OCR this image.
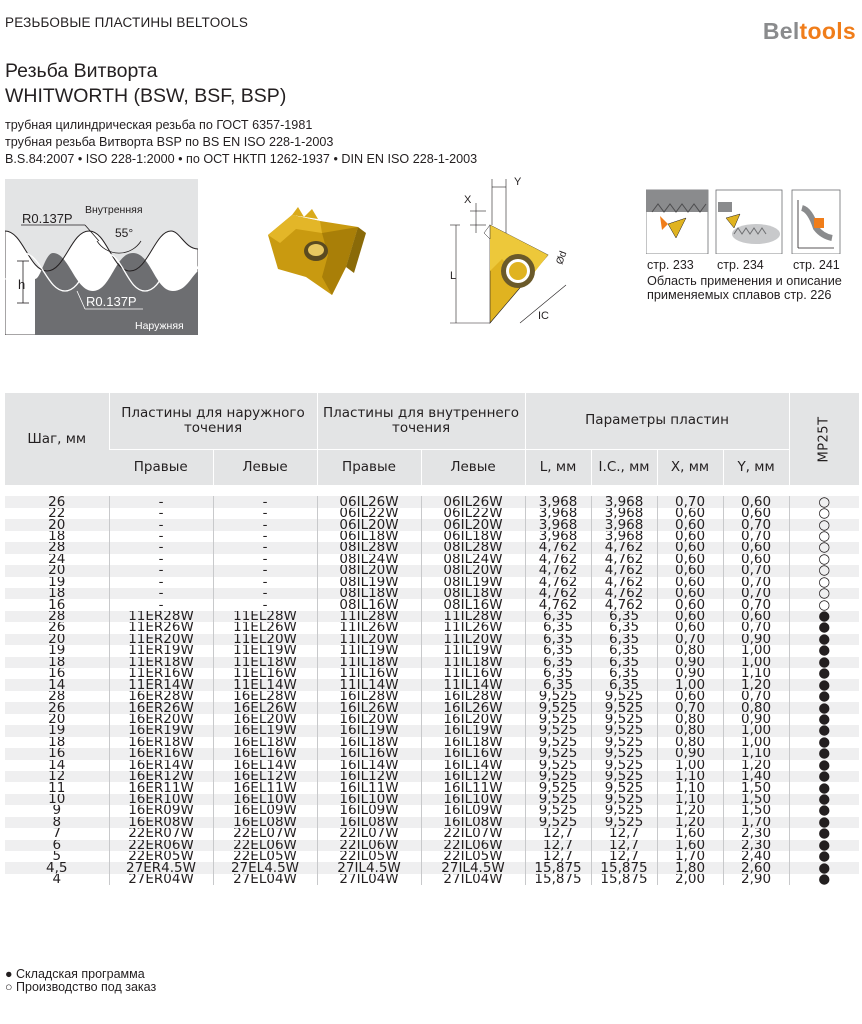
РЕЗЬБОВЫЕ ПЛАСТИНЫ BELTOOLS	Beltools
Резьба Витворта
WHITWORTH (BSW, BSF, BSP)
трубная цилиндрическая резьба по ГОСТ 6357-1981
трубная резьба Витворта BSP по BS EN ISO 228-1-2003
B.S.84:2007 • ISO 228-1:2000 • по ОСТ НКТП 1262-1937 • DIN EN ISO 228-1-2003
h
R0.137P
Внутренняя
55°
R0.137P
Наружняя
Y
X
L
IC
Ød	стр. 233 стр. 234 стр. 241
Область применения и описание
применяемых сплавов стр. 226
Шаг, мм	Пластины для наружного точения		Пластины для внутреннего точения		Параметры пластин				MP25T
	Правые	Левые	Правые	Левые	L, мм	I.C., мм	X, мм	Y, мм	

26	-	-	06IL26W	06IL26W	3,968	3,968	0,70	0,60	○
22	-	-	06IL22W	06IL22W	3,968	3,968	0,60	0,60	○
20	-	-	06IL20W	06IL20W	3,968	3,968	0,60	0,70	○
18	-	-	06IL18W	06IL18W	3,968	3,968	0,60	0,70	○
28	-	-	08IL28W	08IL28W	4,762	4,762	0,60	0,60	○
24	-	-	08IL24W	08IL24W	4,762	4,762	0,60	0,60	○
20	-	-	08IL20W	08IL20W	4,762	4,762	0,60	0,70	○
19	-	-	08IL19W	08IL19W	4,762	4,762	0,60	0,70	○
18	-	-	08IL18W	08IL18W	4,762	4,762	0,60	0,70	○
16	-	-	08IL16W	08IL16W	4,762	4,762	0,60	0,70	○
28	11ER28W	11EL28W	11IL28W	11IL28W	6,35	6,35	0,60	0,60	●
26	11ER26W	11EL26W	11IL26W	11IL26W	6,35	6,35	0,60	0,70	●
20	11ER20W	11EL20W	11IL20W	11IL20W	6,35	6,35	0,70	0,90	●
19	11ER19W	11EL19W	11IL19W	11IL19W	6,35	6,35	0,80	1,00	●
18	11ER18W	11EL18W	11IL18W	11IL18W	6,35	6,35	0,90	1,00	●
16	11ER16W	11EL16W	11IL16W	11IL16W	6,35	6,35	0,90	1,10	●
14	11ER14W	11EL14W	11IL14W	11IL14W	6,35	6,35	1,00	1,20	●
28	16ER28W	16EL28W	16IL28W	16IL28W	9,525	9,525	0,60	0,70	●
26	16ER26W	16EL26W	16IL26W	16IL26W	9,525	9,525	0,70	0,80	●
20	16ER20W	16EL20W	16IL20W	16IL20W	9,525	9,525	0,80	0,90	●
19	16ER19W	16EL19W	16IL19W	16IL19W	9,525	9,525	0,80	1,00	●
18	16ER18W	16EL18W	16IL18W	16IL18W	9,525	9,525	0,80	1,00	●
16	16ER16W	16EL16W	16IL16W	16IL16W	9,525	9,525	0,90	1,10	●
14	16ER14W	16EL14W	16IL14W	16IL14W	9,525	9,525	1,00	1,20	●
12	16ER12W	16EL12W	16IL12W	16IL12W	9,525	9,525	1,10	1,40	●
11	16ER11W	16EL11W	16IL11W	16IL11W	9,525	9,525	1,10	1,50	●
10	16ER10W	16EL10W	16IL10W	16IL10W	9,525	9,525	1,10	1,50	●
9	16ER09W	16EL09W	16IL09W	16IL09W	9,525	9,525	1,20	1,50	●
8	16ER08W	16EL08W	16IL08W	16IL08W	9,525	9,525	1,20	1,70	●
7	22ER07W	22EL07W	22IL07W	22IL07W	12,7	12,7	1,60	2,30	●
6	22ER06W	22EL06W	22IL06W	22IL06W	12,7	12,7	1,60	2,30	●
5	22ER05W	22EL05W	22IL05W	22IL05W	12,7	12,7	1,70	2,40	●
4,5	27ER4.5W	27EL4.5W	27IL4.5W	27IL4.5W	15,875	15,875	1,80	2,60	●
4	27ER04W	27EL04W	27IL04W	27IL04W	15,875	15,875	2,00	2,90	●
● Складская программа
○ Производство под заказ
